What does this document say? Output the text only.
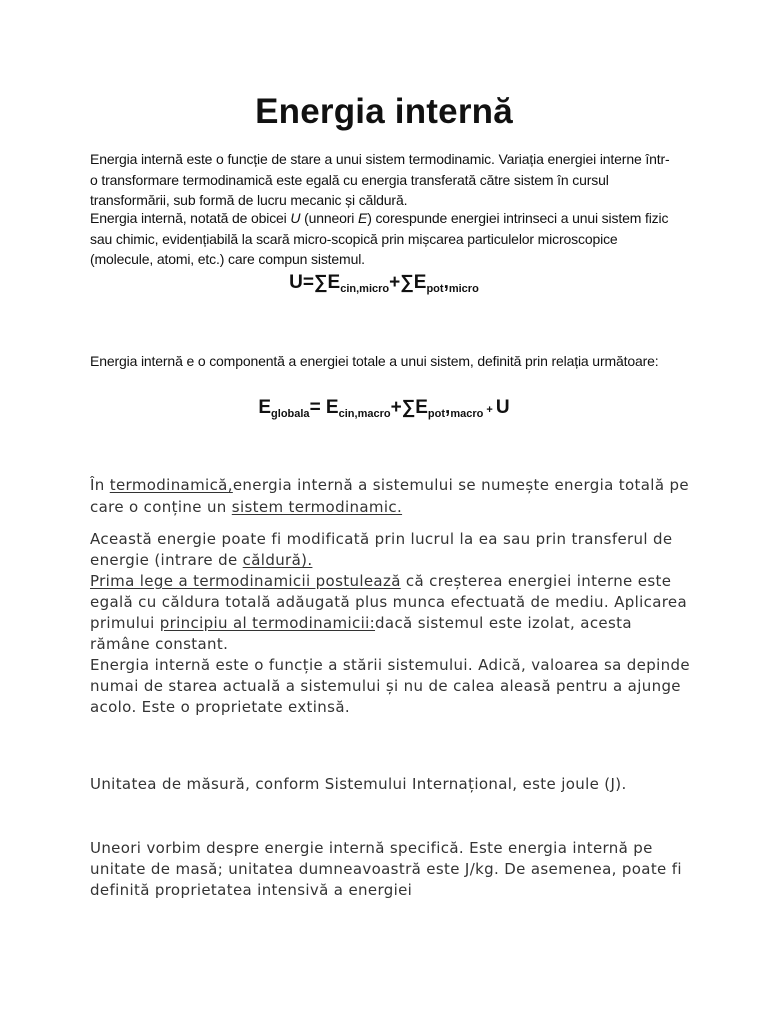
Energia internă

Energia internă este o funcție de stare a unui sistem termodinamic. Variația energiei interne într-o transformare termodinamică este egală cu energia transferată către sistem în cursul transformării, sub formă de lucru mecanic și căldură.

Energia internă, notată de obicei U (unneori E) corespunde energiei intrinseci a unui sistem fizic sau chimic, evidențiabilă la scară micro-scopică prin mișcarea particulelor microscopice (molecule, atomi, etc.) care compun sistemul.

$U=\sum E_{cin,micro}+\sum E_{pot},_{micro}$

Energia internă e o componentă a energiei totale a unui sistem, definită prin relația următoare:

$E_{globala}= E_{cin,macro}+\sum E_{pot},_{macro} + U$

În termodinamică,energia internă a sistemului se numește energia totală pe care o conține un sistem termodinamic.

Această energie poate fi modificată prin lucrul la ea sau prin transferul de energie (intrare de căldură).
Prima lege a termodinamicii postulează că creșterea energiei interne este egală cu căldura totală adăugată plus munca efectuată de mediu. Aplicarea primului principiu al termodinamicii:dacă sistemul este izolat, acesta rămâne constant.
Energia internă este o funcție a stării sistemului. Adică, valoarea sa depinde numai de starea actuală a sistemului și nu de calea aleasă pentru a ajunge acolo. Este o proprietate extinsă.

Unitatea de măsură, conform Sistemului Internațional, este joule (J).

Uneori vorbim despre energie internă specifică. Este energia internă pe unitate de masă; unitatea dumneavoastră este J/kg. De asemenea, poate fi definită proprietatea intensivă a energiei
